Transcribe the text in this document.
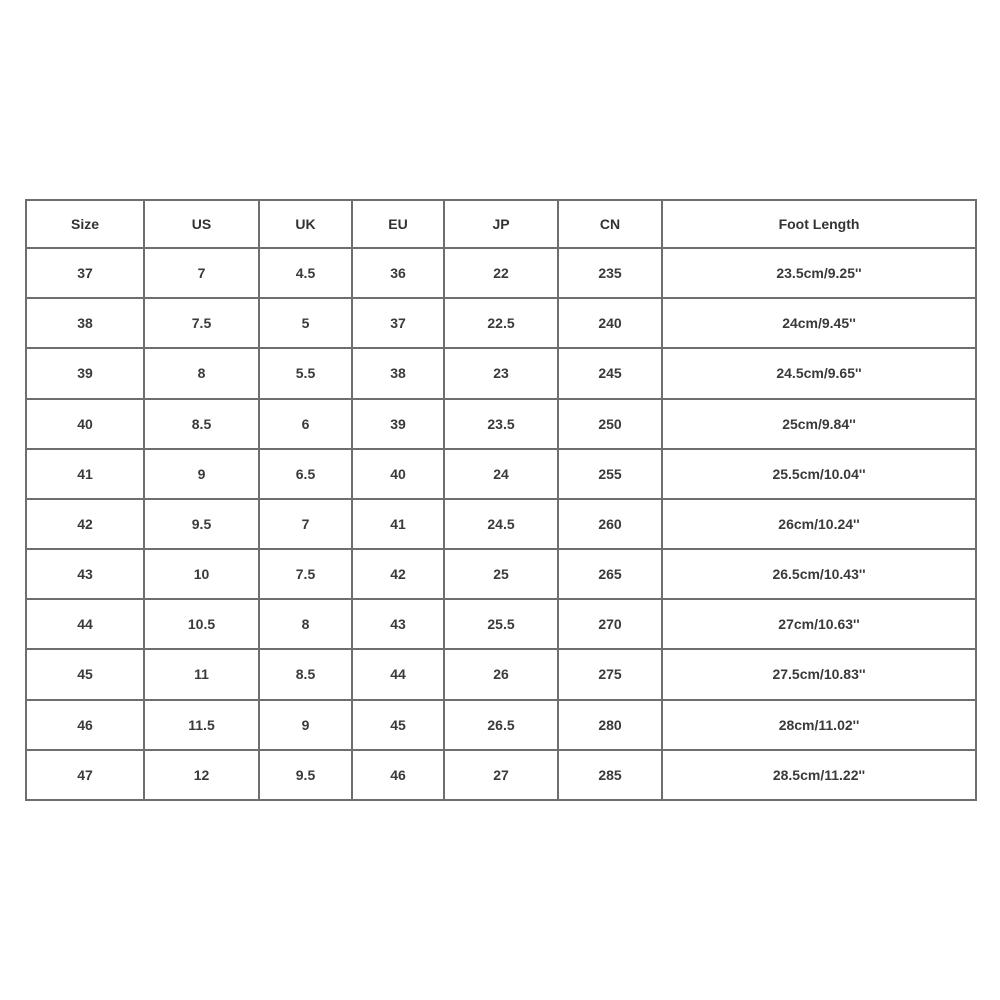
Size	US	UK	EU	JP	CN	Foot Length
37	7	4.5	36	22	235	23.5cm/9.25''
38	7.5	5	37	22.5	240	24cm/9.45''
39	8	5.5	38	23	245	24.5cm/9.65''
40	8.5	6	39	23.5	250	25cm/9.84''
41	9	6.5	40	24	255	25.5cm/10.04''
42	9.5	7	41	24.5	260	26cm/10.24''
43	10	7.5	42	25	265	26.5cm/10.43''
44	10.5	8	43	25.5	270	27cm/10.63''
45	11	8.5	44	26	275	27.5cm/10.83''
46	11.5	9	45	26.5	280	28cm/11.02''
47	12	9.5	46	27	285	28.5cm/11.22''
